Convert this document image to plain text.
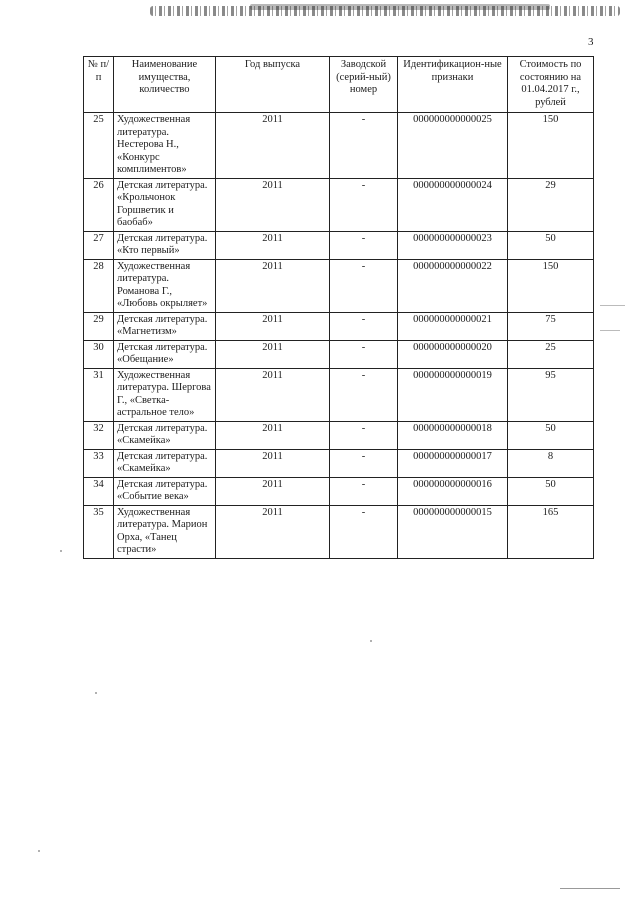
3
№ п/п	Наименование имущества, количество	Год выпуска	Заводской (серий-ный) номер	Идентификацион-ные признаки	Стоимость по состоянию на 01.04.2017 г., рублей
25	Художественная литература. Нестерова Н., «Конкурс комплиментов»	2011	-	000000000000025	150
26	Детская литература. «Крольчонок Горшветик и баобаб»	2011	-	000000000000024	29
27	Детская литература. «Кто первый»	2011	-	000000000000023	50
28	Художественная литература. Романова Г., «Любовь окрыляет»	2011	-	000000000000022	150
29	Детская литература. «Магнетизм»	2011	-	000000000000021	75
30	Детская литература. «Обещание»	2011	-	000000000000020	25
31	Художественная литература. Шергова Г., «Светка-астральное тело»	2011	-	000000000000019	95
32	Детская литература. «Скамейка»	2011	-	000000000000018	50
33	Детская литература. «Скамейка»	2011	-	000000000000017	8
34	Детская литература. «Событие века»	2011	-	000000000000016	50
35	Художественная литература. Марион Орха, «Танец страсти»	2011	-	000000000000015	165
